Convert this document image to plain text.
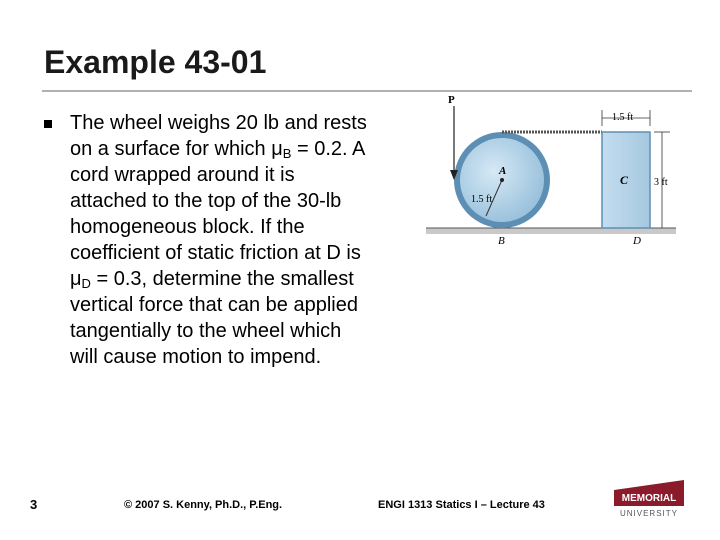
Example 43-01
The wheel weighs 20 lb and rests on a surface for which $\mu_B = 0.2$. A cord wrapped around it is attached to the top of the 30-lb homogeneous block. If the coefficient of static friction at D is $\mu_D = 0.3$, determine the smallest vertical force that can be applied tangentially to the wheel which will cause motion to impend.
P
A
1.5 ft
C
1.5 ft
3 ft
B	D
3	© 2007 S. Kenny, Ph.D., P.Eng.	ENGI 1313 Statics I – Lecture 43
MEMORIAL
UNIVERSITY
